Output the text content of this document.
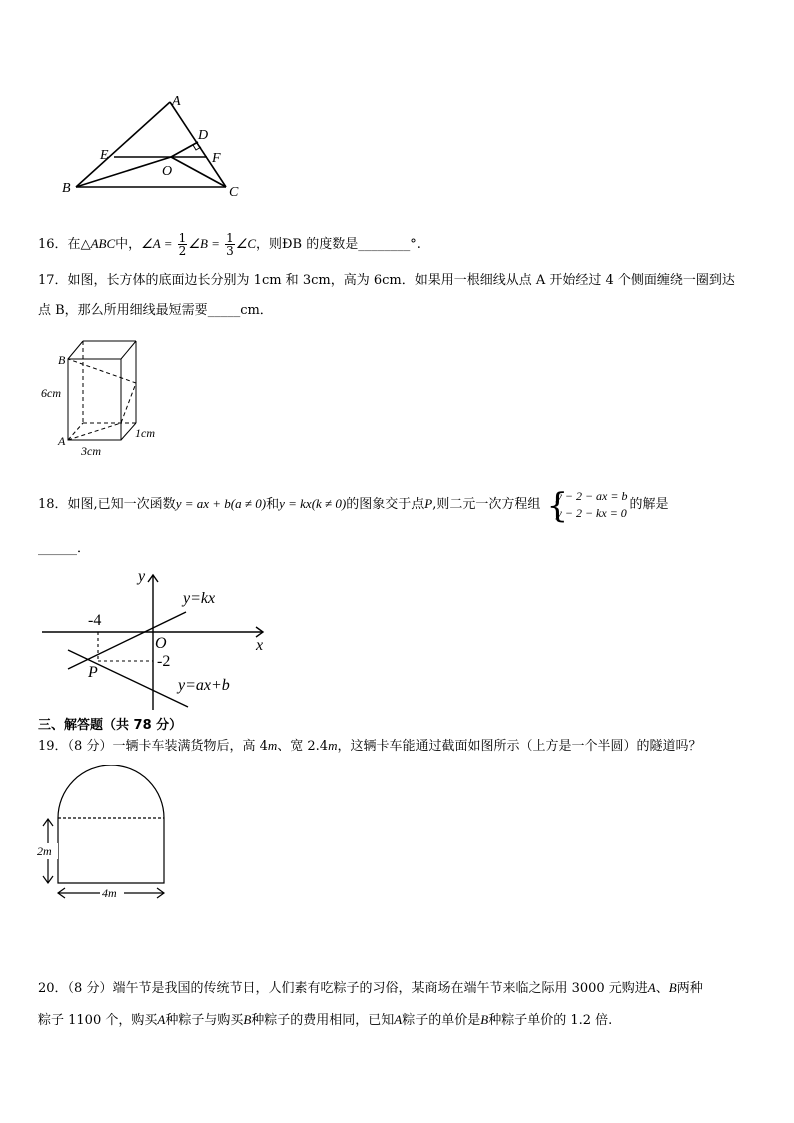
A
D
E	F
O
B	C
16．在△ABC中，∠A = $\frac{1}{2}$ ∠B = $\frac{1}{3}$ ∠C，则ÐB 的度数是________°.
17．如图，长方体的底面边长分别为 1cm 和 3cm，高为 6cm．如果用一根细线从点 A 开始经过 4 个侧面缠绕一圈到达
点 B，那么所用细线最短需要_____cm．
B
6cm
A
1cm
3cm
18．如图,已知一次函数y = ax + b(a ≠ 0)和y = kx(k ≠ 0)的图象交于点P,则二元一次方程组 {
y − 2 − ax = b
y − 2 − kx = 0
的解是
______．
y
x
O
P
-4
-2
y=kx
y=ax+b
三、解答题（共 78 分）
19．（8 分）一辆卡车装满货物后，高 4m、宽 2.4m，这辆卡车能通过截面如图所示（上方是一个半圆）的隧道吗？
2m
4m
20．（8 分）端午节是我国的传统节日，人们素有吃粽子的习俗，某商场在端午节来临之际用 3000 元购进A、B两种
粽子 1100 个，购买A种粽子与购买B种粽子的费用相同，已知A粽子的单价是B种粽子单价的 1.2 倍.
